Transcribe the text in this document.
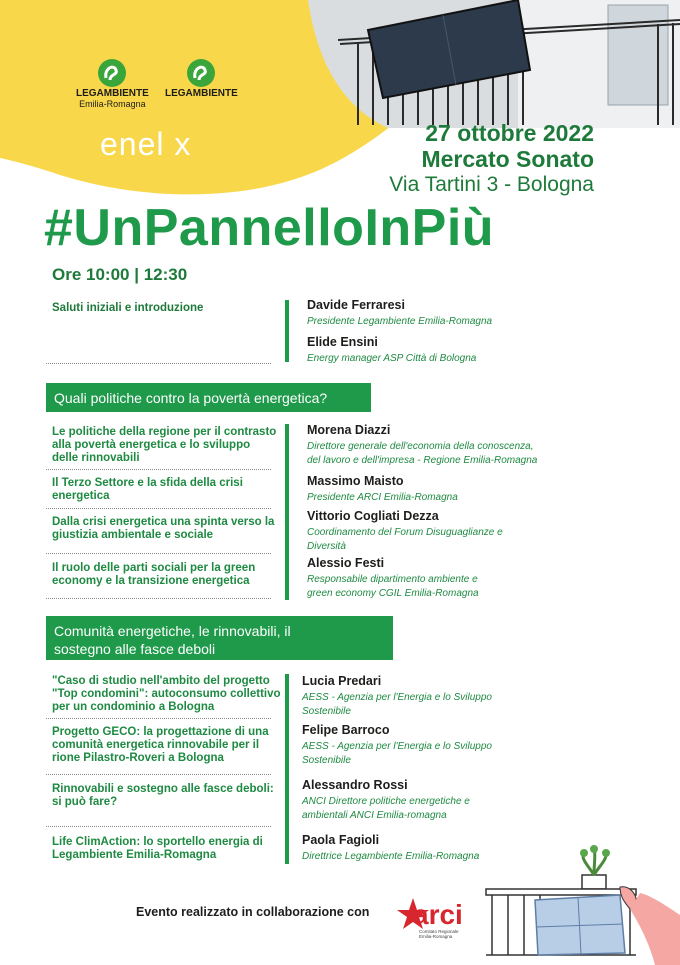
LEGAMBIENTE
Emilia-Romagna
LEGAMBIENTE
enel x	27 ottobre 2022
Mercato Sonato
Via Tartini 3 - Bologna
#UnPannelloInPiù
Ore 10:00 | 12:30
Saluti iniziali e introduzione	Davide Ferraresi
Presidente Legambiente Emilia-Romagna
Elide Ensini
Energy manager ASP Città di Bologna
Quali politiche contro la povertà energetica?
Le politiche della regione per il contrasto alla povertà energetica e lo sviluppo delle rinnovabili
Il Terzo Settore e la sfida della crisi energetica
Dalla crisi energetica una spinta verso la giustizia ambientale e sociale
Il ruolo delle parti sociali per la green economy e la transizione energetica
Morena Diazzi
Direttore generale dell'economia della conoscenza,
del lavoro e dell'impresa - Regione Emilia-Romagna
Massimo Maisto
Presidente ARCI Emilia-Romagna
Vittorio Cogliati Dezza
Coordinamento del Forum Disuguaglianze e
Diversità
Alessio Festi
Responsabile dipartimento ambiente e
green economy CGIL Emilia-Romagna
Comunità energetiche, le rinnovabili, il
sostegno alle fasce deboli
"Caso di studio nell'ambito del progetto "Top condomini": autoconsumo collettivo per un condominio a Bologna
Progetto GECO: la progettazione di una comunità energetica rinnovabile per il rione Pilastro-Roveri a Bologna
Rinnovabili e sostegno alle fasce deboli: si può fare?
Life ClimAction: lo sportello energia di Legambiente Emilia-Romagna
Lucia Predari
AESS - Agenzia per l'Energia e lo Sviluppo
Sostenibile
Felipe Barroco
AESS - Agenzia per l'Energia e lo Sviluppo
Sostenibile
Alessandro Rossi
ANCI Direttore politiche energetiche e
ambientali ANCI Emilia-romagna
Paola Fagioli
Direttrice Legambiente Emilia-Romagna
Evento realizzato in collaborazione con arci
Comitato Regionale
Emilia-Romagna
